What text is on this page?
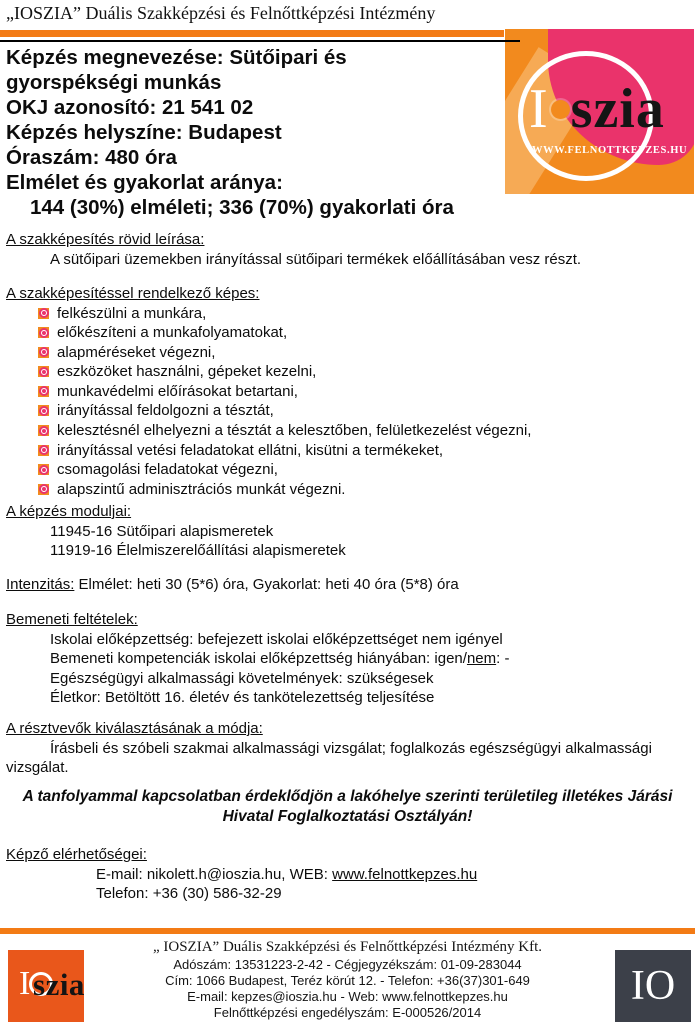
„IOSZIA” Duális Szakképzési és Felnőttképzési Intézmény
I szia
WWW.FELNOTTKEPZES.HU
Képzés megnevezése: Sütőipari és
gyorspékségi munkás
OKJ azonosító: 21 541 02
Képzés helyszíne: Budapest
Óraszám: 480 óra
Elmélet és gyakorlat aránya:
144 (30%) elméleti; 336 (70%) gyakorlati óra
A szakképesítés rövid leírása:
A sütőipari üzemekben irányítással sütőipari termékek előállításában vesz részt.
A szakképesítéssel rendelkező képes:
felkészülni a munkára,
előkészíteni a munkafolyamatokat,
alapméréseket végezni,
eszközöket használni, gépeket kezelni,
munkavédelmi előírásokat betartani,
irányítással feldolgozni a tésztát,
kelesztésnél elhelyezni a tésztát a kelesztőben, felületkezelést végezni,
irányítással vetési feladatokat ellátni, kisütni a termékeket,
csomagolási feladatokat végezni,
alapszintű adminisztrációs munkát végezni.
A képzés moduljai:
11945-16 Sütőipari alapismeretek
11919-16 Élelmiszerelőállítási alapismeretek
Intenzitás: Elmélet: heti 30 (5*6) óra, Gyakorlat: heti 40 óra (5*8) óra
Bemeneti feltételek:
Iskolai előképzettség: befejezett iskolai előképzettséget nem igényel
Bemeneti kompetenciák iskolai előképzettség hiányában: igen/nem: -
Egészségügyi alkalmassági követelmények: szükségesek
Életkor: Betöltött 16. életév és tankötelezettség teljesítése
A résztvevők kiválasztásának a módja:
Írásbeli és szóbeli szakmai alkalmassági vizsgálat; foglalkozás egészségügyi alkalmassági vizsgálat.
A tanfolyammal kapcsolatban érdeklődjön a lakóhelye szerinti területileg illetékes Járási Hivatal Foglalkoztatási Osztályán!
Képző elérhetőségei:
E-mail: nikolett.h@ioszia.hu, WEB: www.felnottkepzes.hu
Telefon: +36 (30) 586-32-29
I szia
„ IOSZIA” Duális Szakképzési és Felnőttképzési Intézmény Kft.
Adószám: 13531223-2-42 - Cégjegyzékszám: 01-09-283044
Cím: 1066 Budapest, Teréz körút 12. - Telefon: +36(37)301-649
E-mail: kepzes@ioszia.hu - Web: www.felnottkepzes.hu
Felnőttképzési engedélyszám: E-000526/2014
IO
